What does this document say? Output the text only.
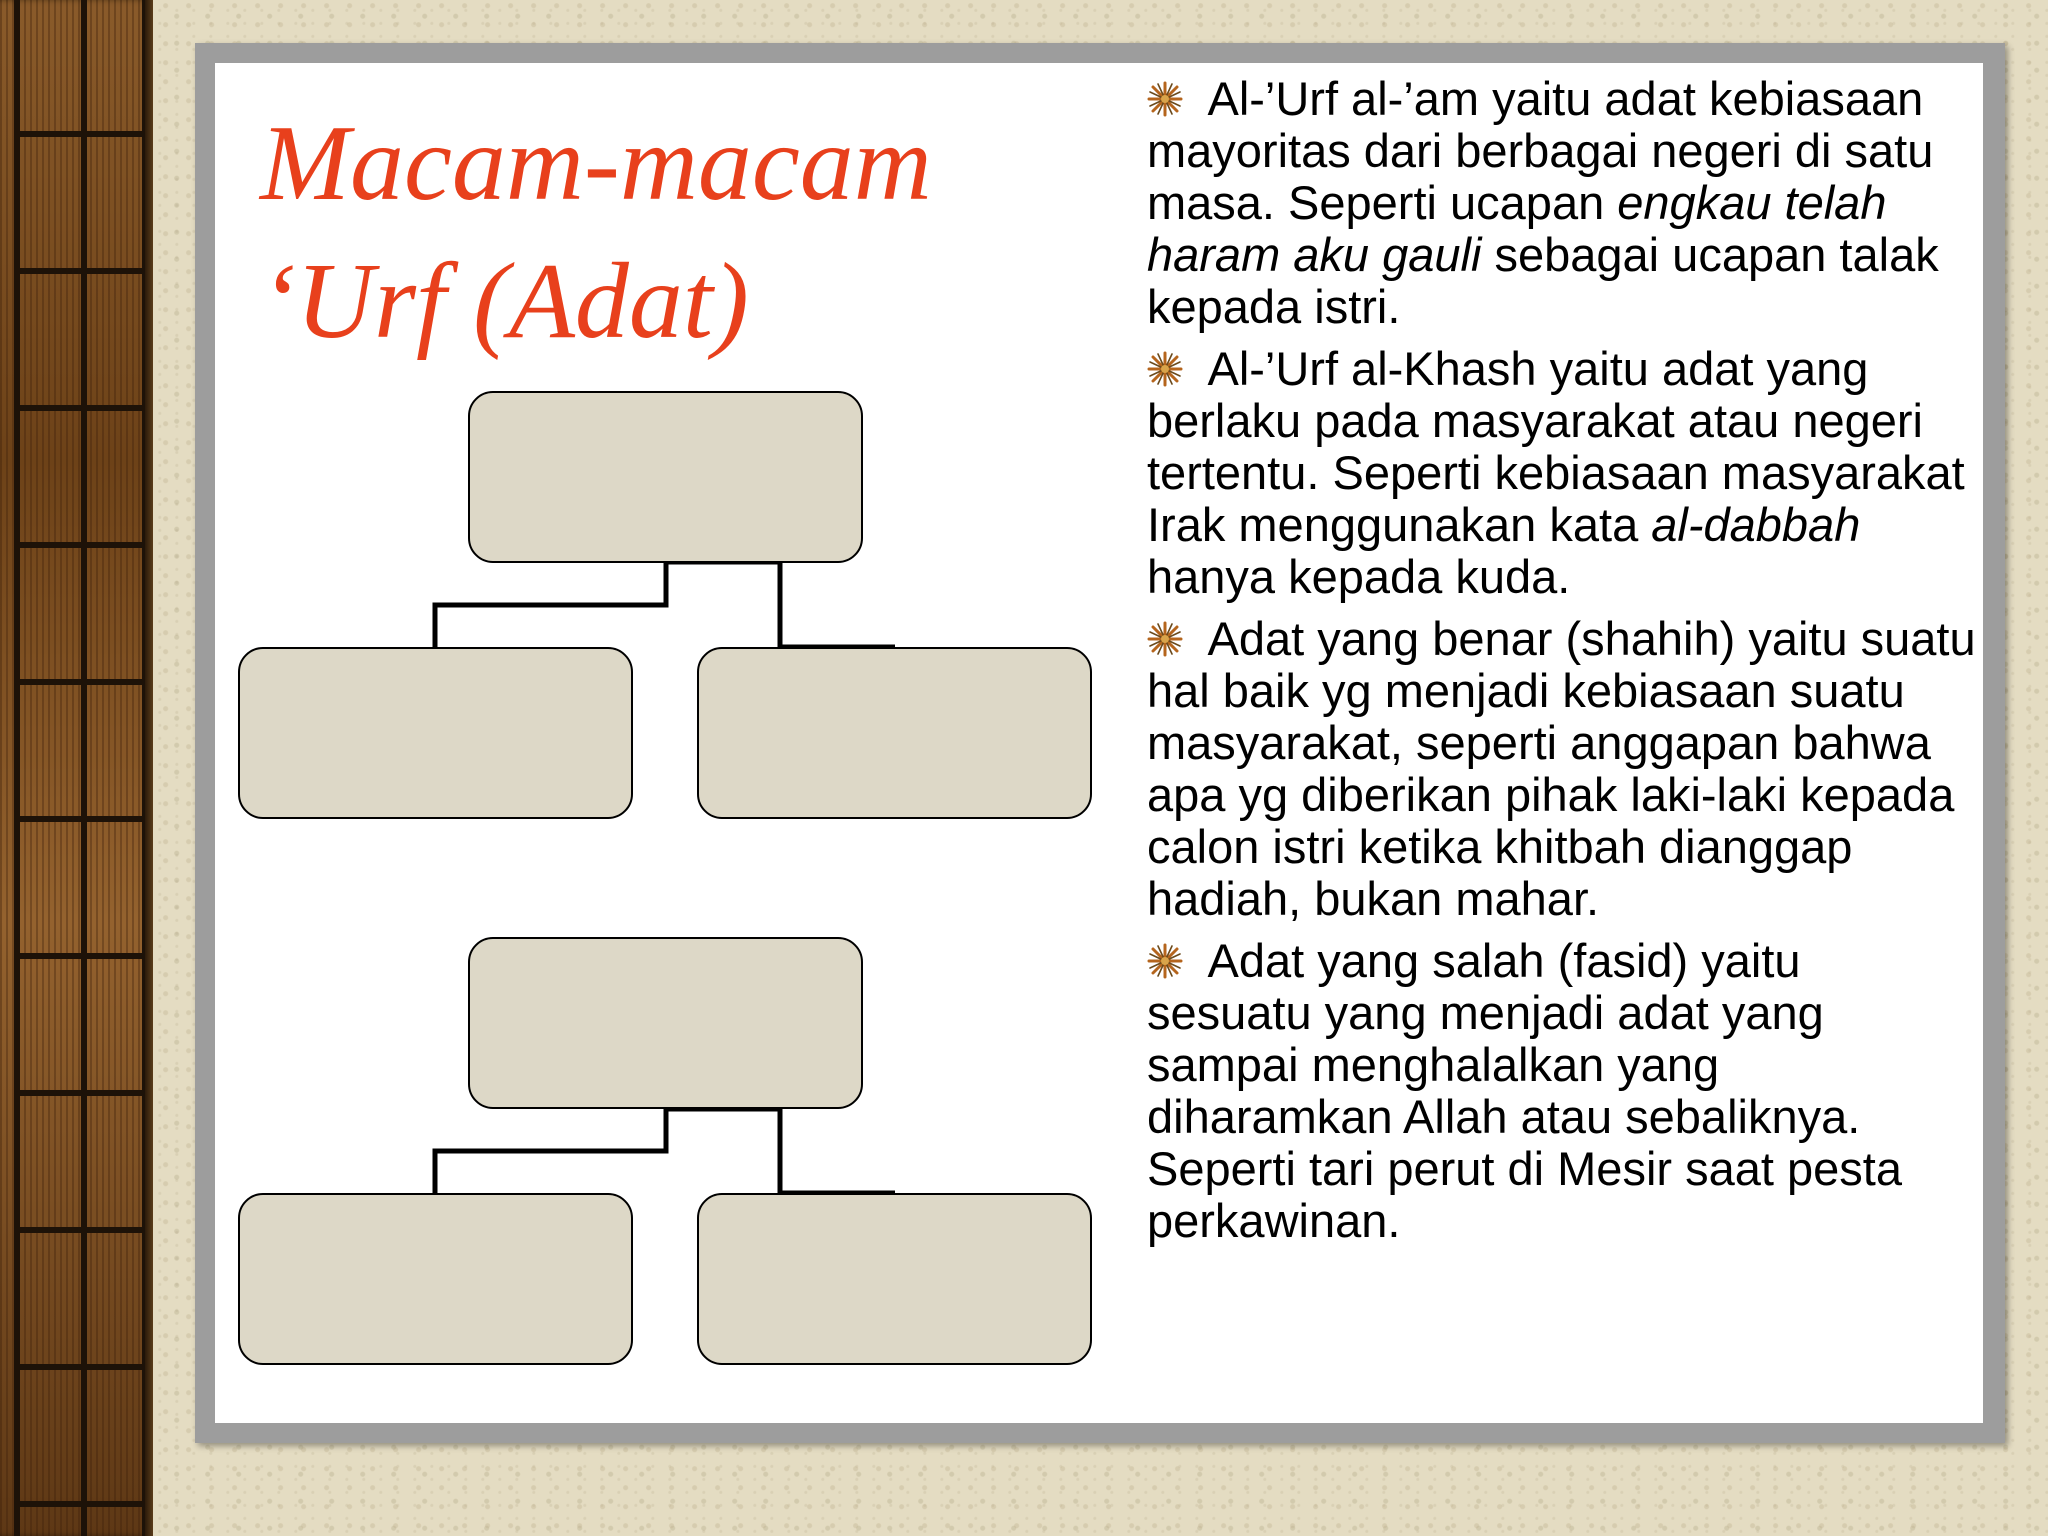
Macam-macam
‘Urf (Adat)
Al-’Urf al-’am yaitu adat kebiasaan mayoritas dari berbagai negeri di satu masa. Seperti ucapan engkau telah haram aku gauli sebagai ucapan talak kepada istri.
Al-’Urf al-Khash yaitu adat yang berlaku pada masyarakat atau negeri tertentu. Seperti kebiasaan masyarakat Irak menggunakan kata al-dabbah hanya kepada kuda.
Adat yang benar (shahih) yaitu suatu hal baik yg menjadi kebiasaan suatu masyarakat, seperti anggapan bahwa apa yg diberikan pihak laki-laki kepada calon istri ketika khitbah dianggap hadiah, bukan mahar.
Adat yang salah (fasid) yaitu sesuatu yang menjadi adat yang sampai menghalalkan yang diharamkan Allah atau sebaliknya. Seperti tari perut di Mesir saat pesta perkawinan.
